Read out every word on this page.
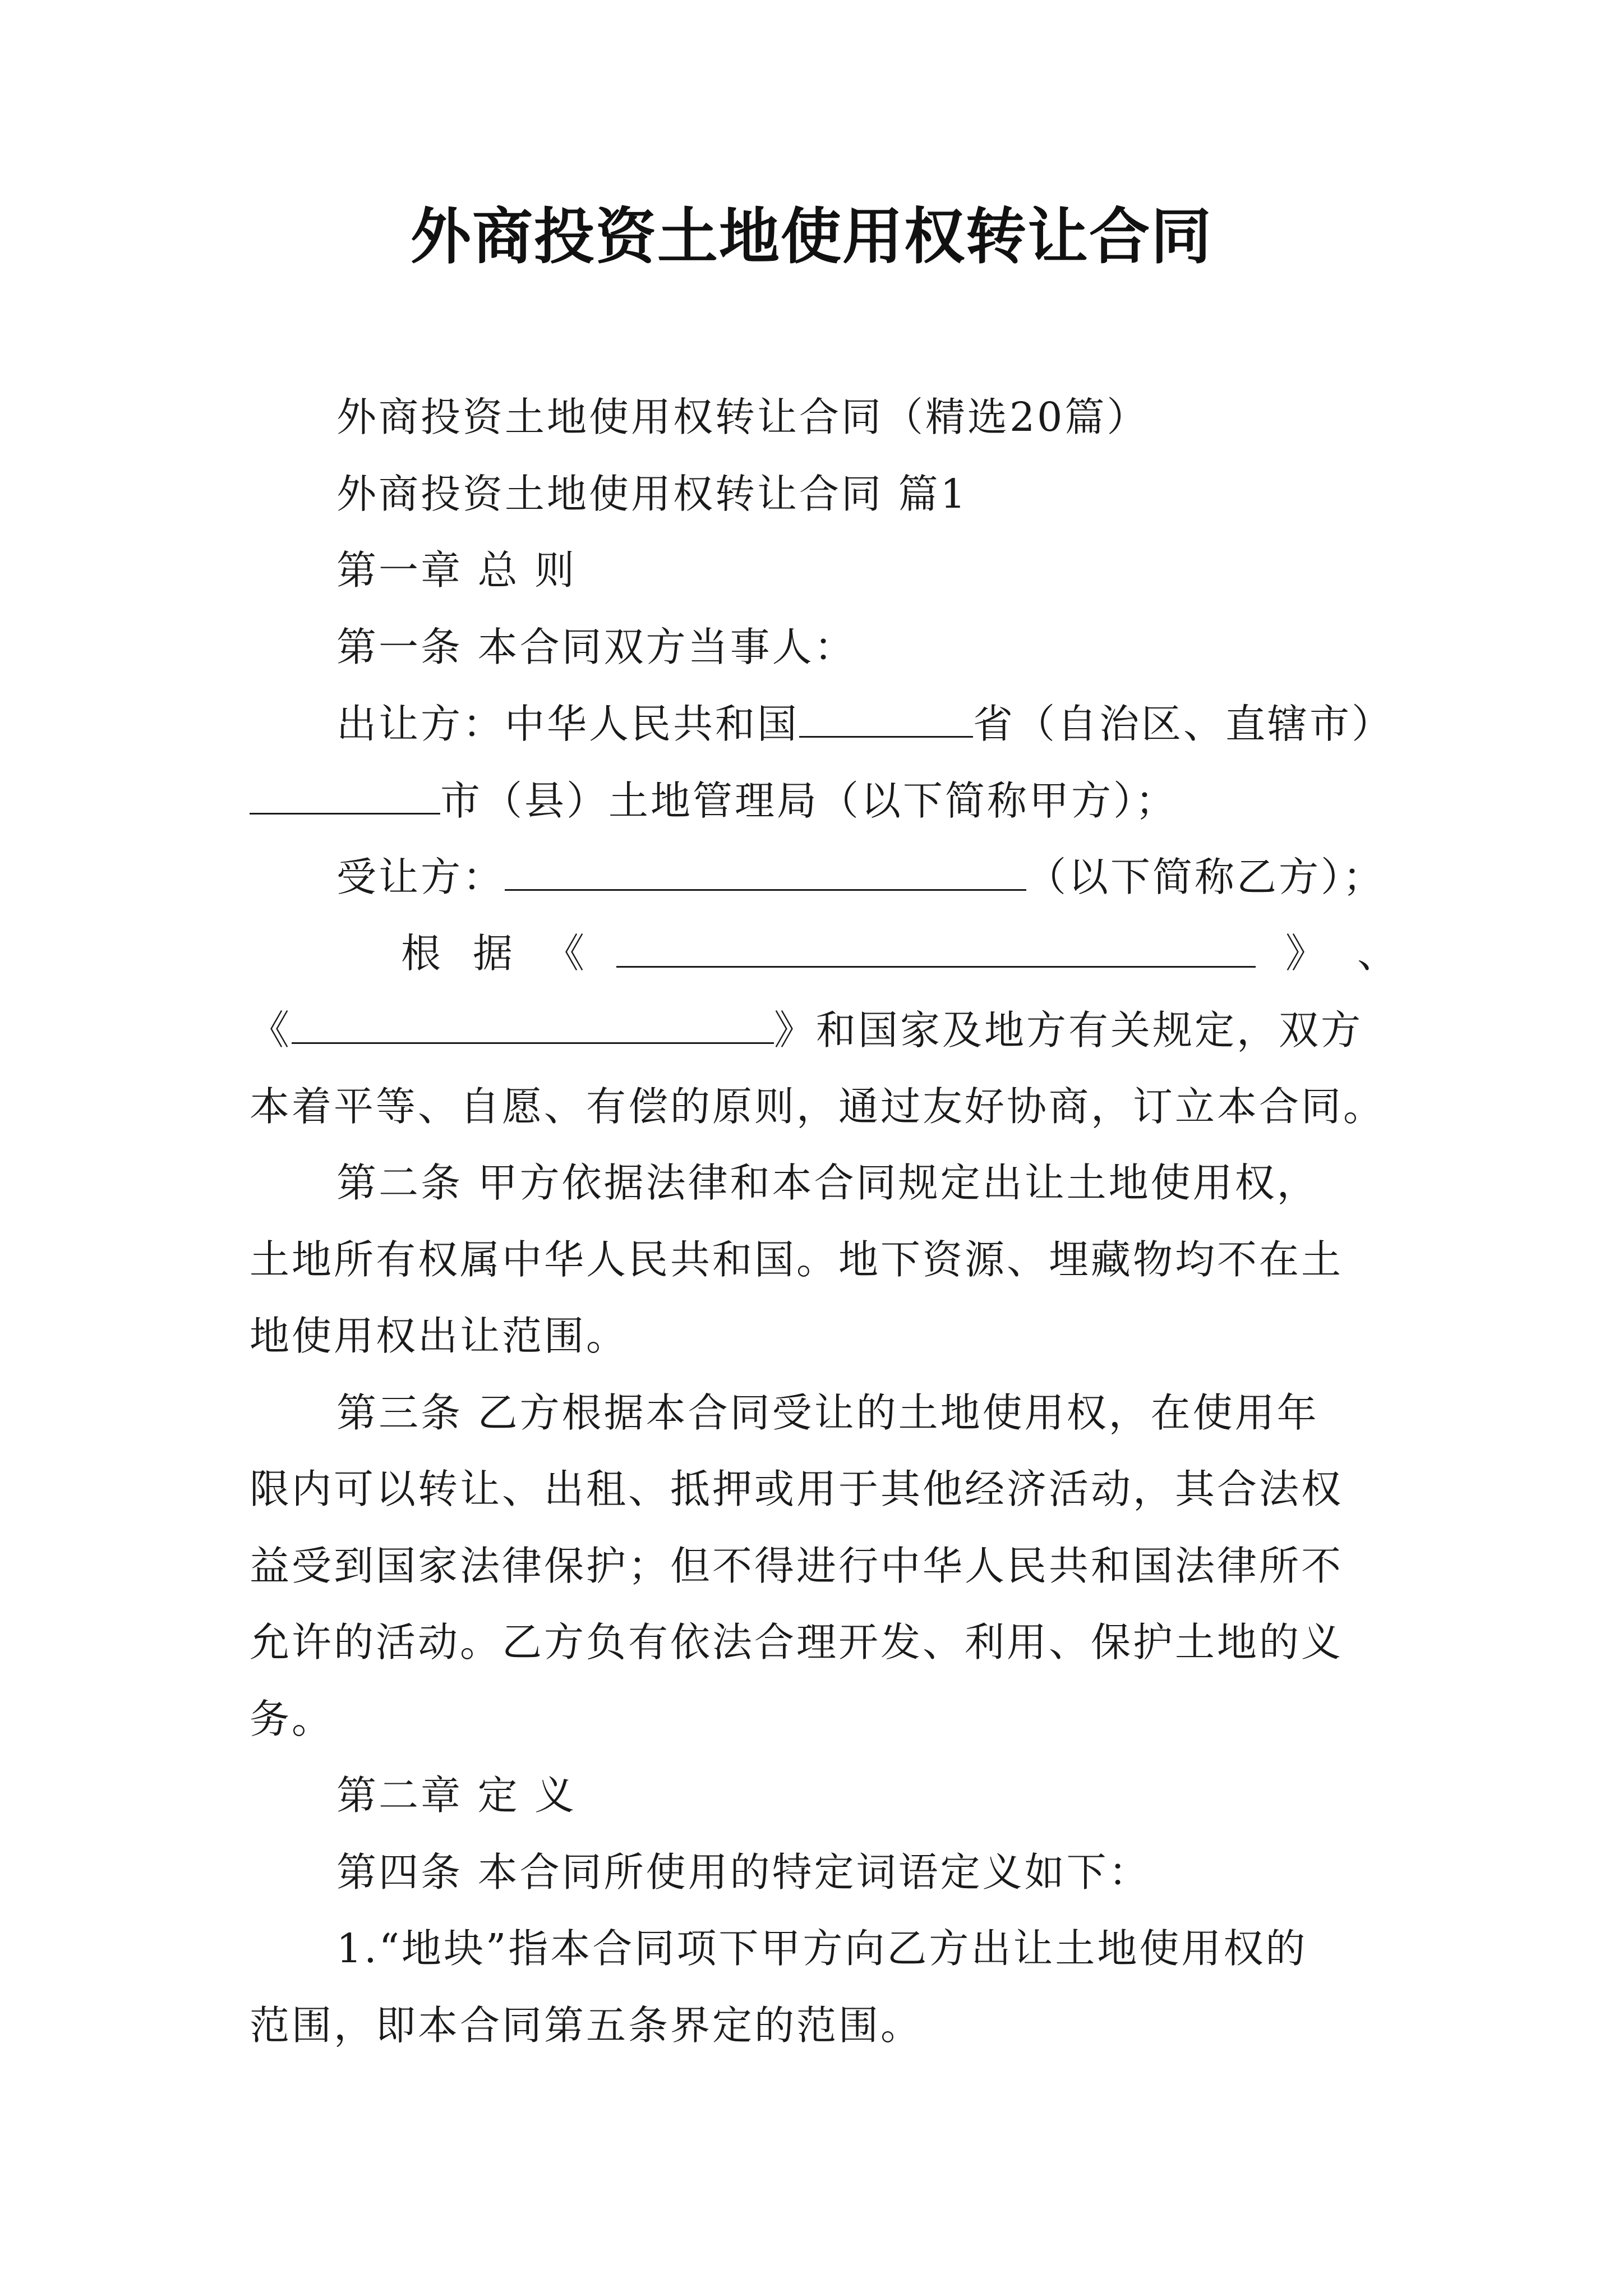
外商投资土地使用权转让合同
外商投资土地使用权转让合同（精选20篇）
外商投资土地使用权转让合同 篇1
第一章 总 则
第一条 本合同双方当事人：
出让方：中华人民共和国	省（自治区、直辖市）
市（县）土地管理局（以下简称甲方）；
受让方：	（以下简称乙方）；
根 据 《	》 、
《	》和国家及地方有关规定，双方
本着平等、自愿、有偿的原则，通过友好协商，订立本合同。
第二条 甲方依据法律和本合同规定出让土地使用权，
土地所有权属中华人民共和国。地下资源、埋藏物均不在土
地使用权出让范围。
第三条 乙方根据本合同受让的土地使用权，在使用年
限内可以转让、出租、抵押或用于其他经济活动，其合法权
益受到国家法律保护；但不得进行中华人民共和国法律所不
允许的活动。乙方负有依法合理开发、利用、保护土地的义
务。
第二章 定 义
第四条 本合同所使用的特定词语定义如下：
1.“地块”指本合同项下甲方向乙方出让土地使用权的
范围，即本合同第五条界定的范围。
